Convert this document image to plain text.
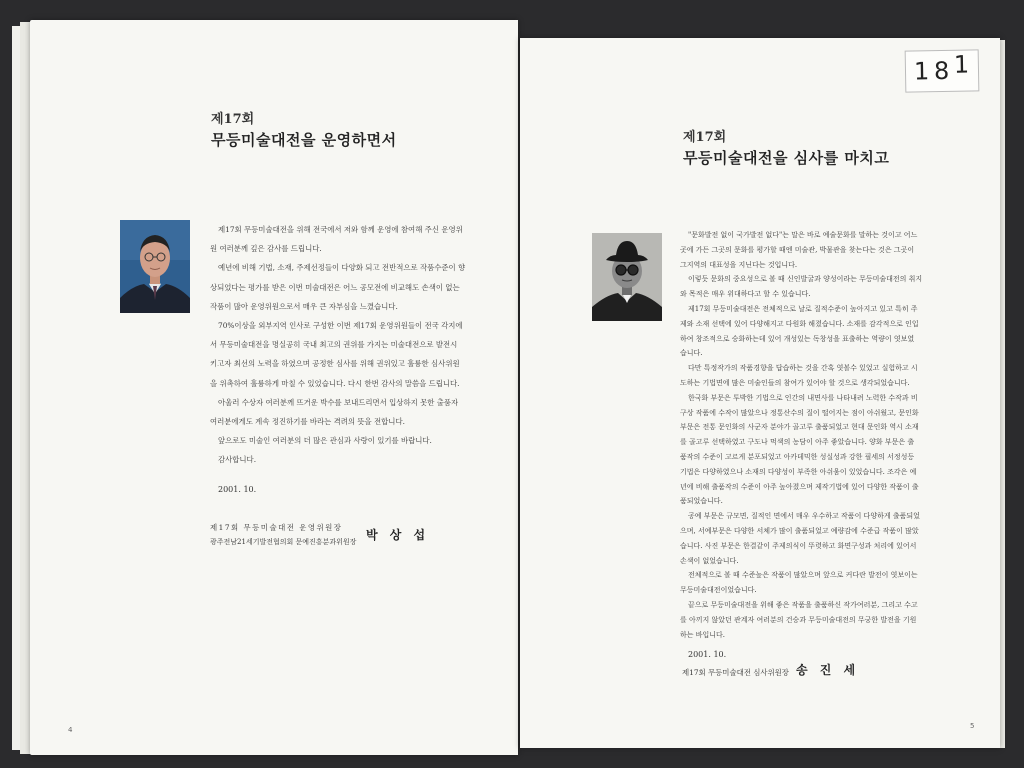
제17회
무등미술대전을 운영하면서

제17회 무등미술대전을 위해 전국에서 저와 함께 운영에 참여해 주신 운영위

원 여러분께 깊은 감사를 드립니다.

예년에 비해 기법, 소재, 주제선정들이 다양화 되고 전반적으로 작품수준이 향

상되었다는 평가를 받은 이번 미술대전은 어느 공모전에 비교해도 손색이 없는

작품이 많아 운영위원으로서 매우 큰 자부심을 느꼈습니다.

70%이상을 외부지역 인사로 구성한 이번 제17회 운영위원들이 전국 각지에

서 무등미술대전을 명실공히 국내 최고의 권위를 가지는 미술대전으로 발전시

키고자 최선의 노력을 하였으며 공정한 심사를 위해 권위있고 훌륭한 심사위원

을 위촉하여 훌륭하게 마칠 수 있었습니다. 다시 한번 감사의 말씀을 드립니다.

아울러 수상자 여러분께 뜨거운 박수를 보내드리면서 입상하지 못한 출품자

여러분에게도 계속 정진하기를 바라는 격려의 뜻을 전합니다.

앞으로도 미술인 여러분의 더 많은 관심과 사랑이 있기를 바랍니다.

감사합니다.

2001. 10.
제17회 무등미술대전 운영위원장
광주전남21세기발전협의회 문예진흥분과위원장 박 상 섭
4
제17회
무등미술대전을 심사를 마치고

"문화발전 없이 국가발전 없다"는 말은 바로 예술문화를 말하는 것이고 어느

곳에 가든 그곳의 문화를 평가할 때엔 미술관, 박물관을 찾는다는 것은 그곳이

그지역의 대표성을 지닌다는 것입니다.

이렇듯 문화의 중요성으로 볼 때 신인발굴과 양성이라는 무등미술대전의 취지

와 목적은 매우 위대하다고 할 수 있습니다.

제17회 무등미술대전은 전체적으로 날로 질적수준이 높아지고 있고 특히 주

제와 소재 선택에 있어 다양해지고 다원화 해졌습니다. 소재를 감각적으로 인입

하여 창조적으로 승화하는데 있어 개성있는 독창성을 표출하는 역량이 엿보였

습니다.

다만 특정작가의 작품경향을 답습하는 것을 간혹 엿볼수 있었고 실험하고 시

도하는 기법면에 많은 미술인들의 참여가 있어야 할 것으로 생각되었습니다.

한국화 부문은 투박한 기법으로 인간의 내면사를 나타내려 노력한 수작과 비

구상 작품에 수작이 많았으나 정통산수의 질이 떨어지는 점이 아쉬웠고, 문인화

부문은 전통 문인화의 사군자 분야가 골고루 출품되었고 현대 문인화 역시 소재

를 골고루 선택하였고 구도나 먹색의 농담이 아주 좋았습니다. 양화 부문은 출

품작의 수준이 고르게 분포되었고 아카데믹한 성실성과 강한 필세의 서정성등

기법은 다양하였으나 소재의 다양성이 부족한 아쉬움이 있었습니다. 조각은 예

년에 비해 출품작의 수준이 아주 높아졌으며 제작기법에 있어 다양한 작품이 출

품되었습니다.

공예 부문은 규모면, 질적인 면에서 매우 우수하고 작품이 다양하게 출품되었

으며, 서예부문은 다양한 서체가 많이 출품되었고 예량감에 수준급 작품이 많았

습니다. 사진 부문은 한결같이 주제의식이 뚜렷하고 화면구성과 처리에 있어서

손색이 없었습니다.

전체적으로 볼 때 수준높은 작품이 많았으며 앞으로 커다란 발전이 엿보이는

무등미술대전이었습니다.

끝으로 무등미술대전을 위해 좋은 작품을 출품하신 작가여러분, 그리고 수고

를 아끼지 않았던 관계자 여러분의 건승과 무등미술대전의 무궁한 발전을 기원

하는 바입니다.

2001. 10.
제17회 무등미술대전 심사위원장 송 진 세
5
1 8 1
